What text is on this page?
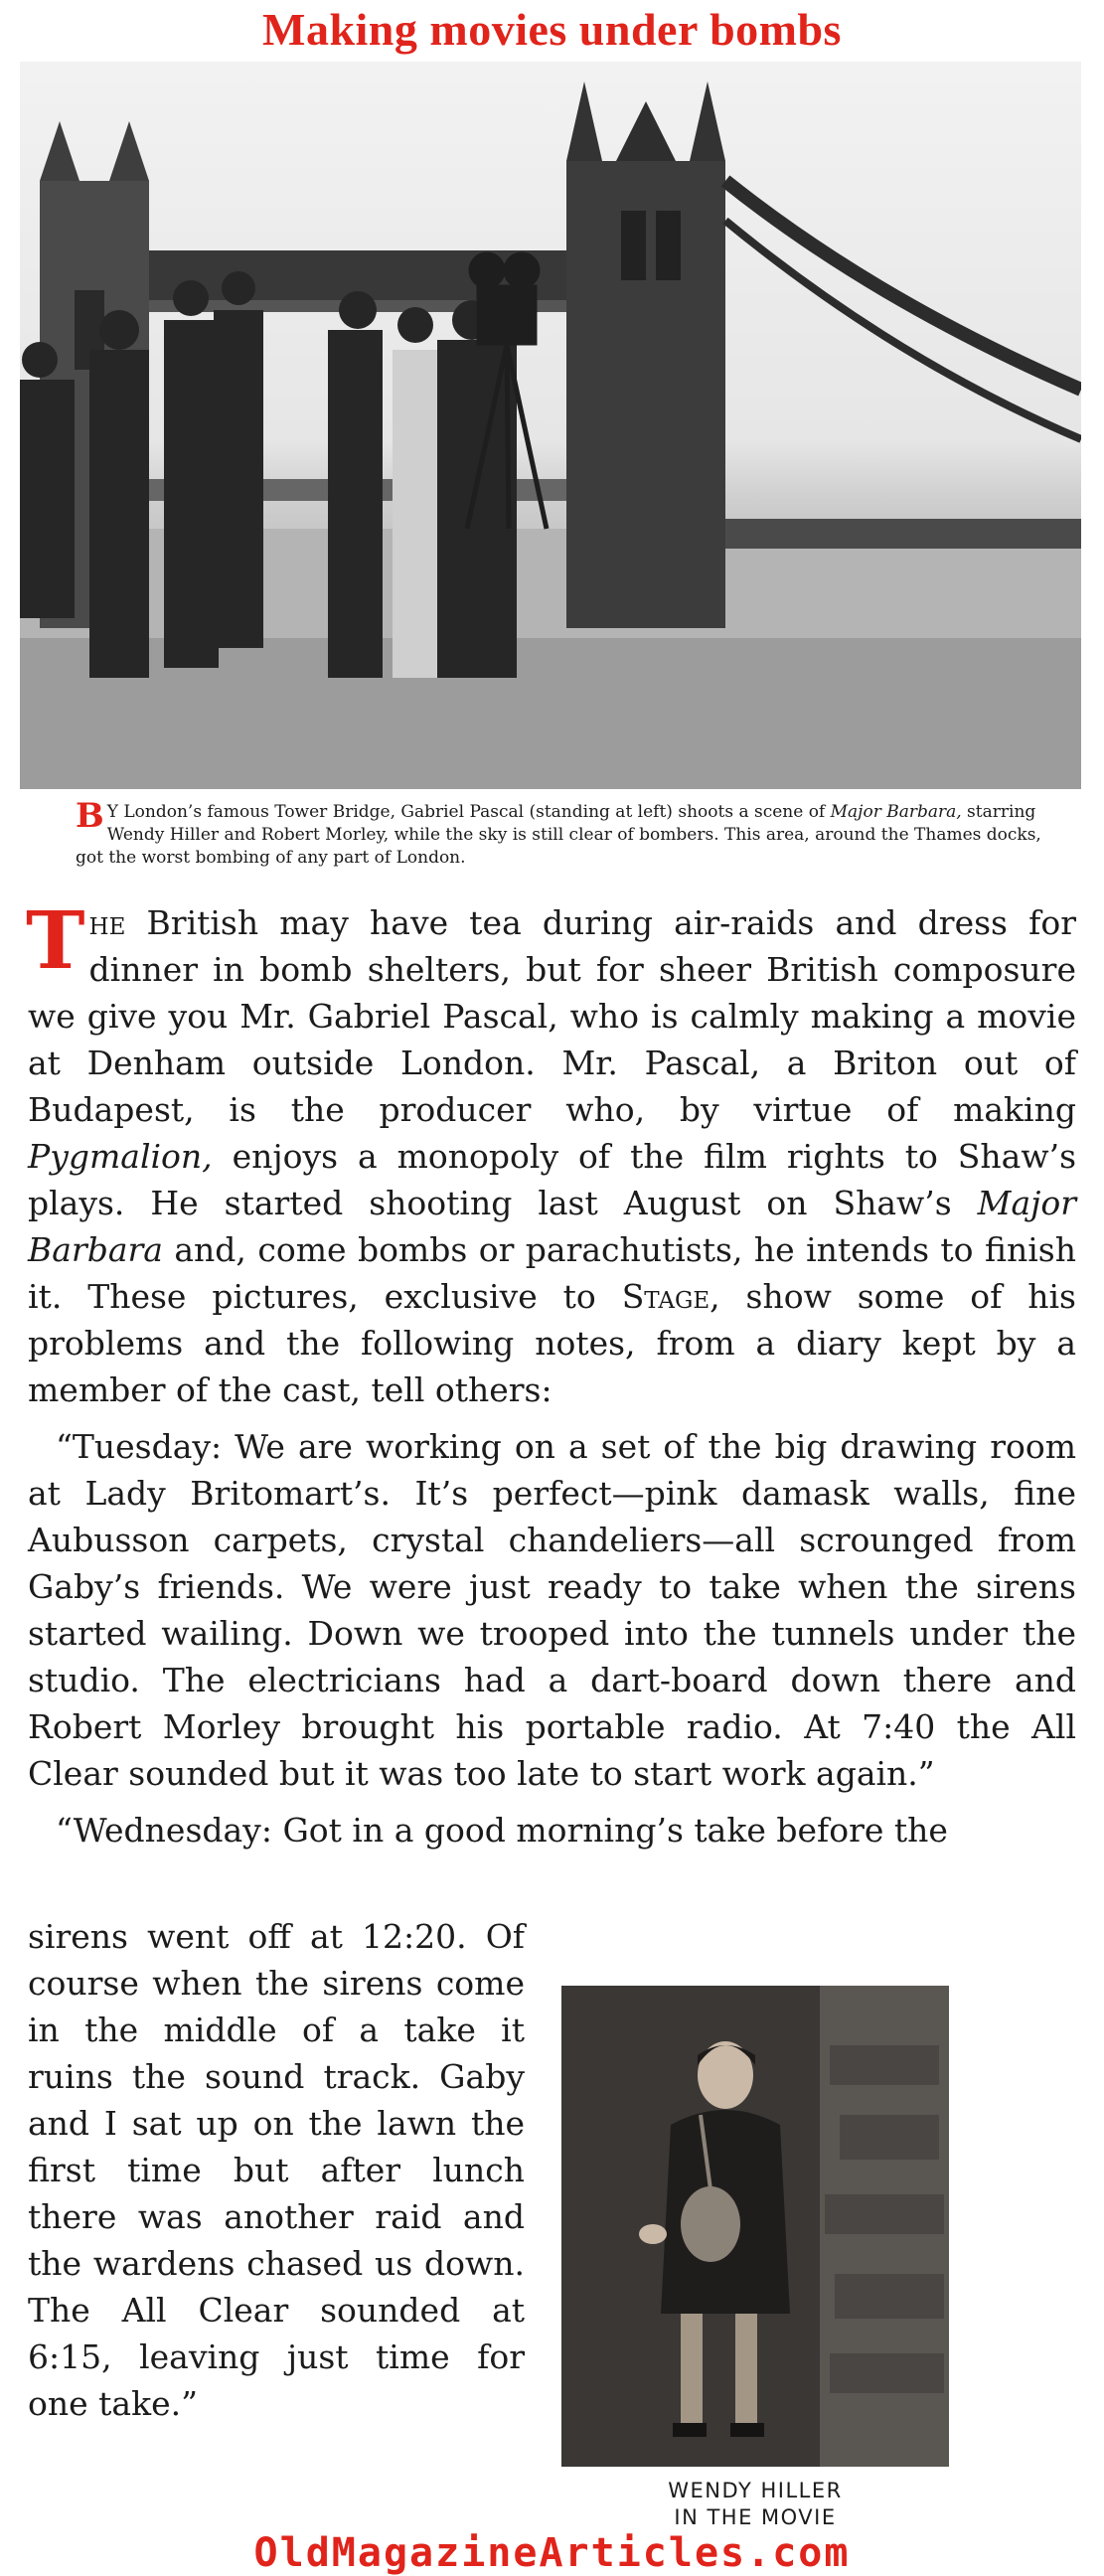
Making movies under bombs
B Y London’s famous Tower Bridge, Gabriel Pascal (standing at left) shoots a scene of Major Barbara, starring Wendy Hiller and Robert Morley, while the sky is still clear of bombers. This area, around the Thames docks, got the worst bombing of any part of London.

The British may have tea during air-raids and dress for dinner in bomb shelters, but for sheer British composure we give you Mr. Gabriel Pascal, who is calmly making a movie at Denham outside London. Mr. Pascal, a Briton out of Budapest, is the producer who, by virtue of making Pygmalion, enjoys a monopoly of the film rights to Shaw’s plays. He started shooting last August on Shaw’s Major Barbara and, come bombs or parachutists, he intends to finish it. These pictures, exclusive to Stage, show some of his problems and the following notes, from a diary kept by a member of the cast, tell others:

“Tuesday: We are working on a set of the big drawing room at Lady Britomart’s. It’s perfect—pink damask walls, fine Aubusson carpets, crystal chandeliers—all scrounged from Gaby’s friends. We were just ready to take when the sirens started wailing. Down we trooped into the tunnels under the studio. The electricians had a dart-board down there and Robert Morley brought his portable radio. At 7:40 the All Clear sounded but it was too late to start work again.”

“Wednesday: Got in a good morning’s take before the

sirens went off at 12:20. Of course when the sirens come in the middle of a take it ruins the sound track. Gaby and I sat up on the lawn the first time but after lunch there was another raid and the wardens chased us down. The All Clear sounded at 6:15, leaving just time for one take.”

WENDY HILLER
IN THE MOVIE
OldMagazineArticles.com
